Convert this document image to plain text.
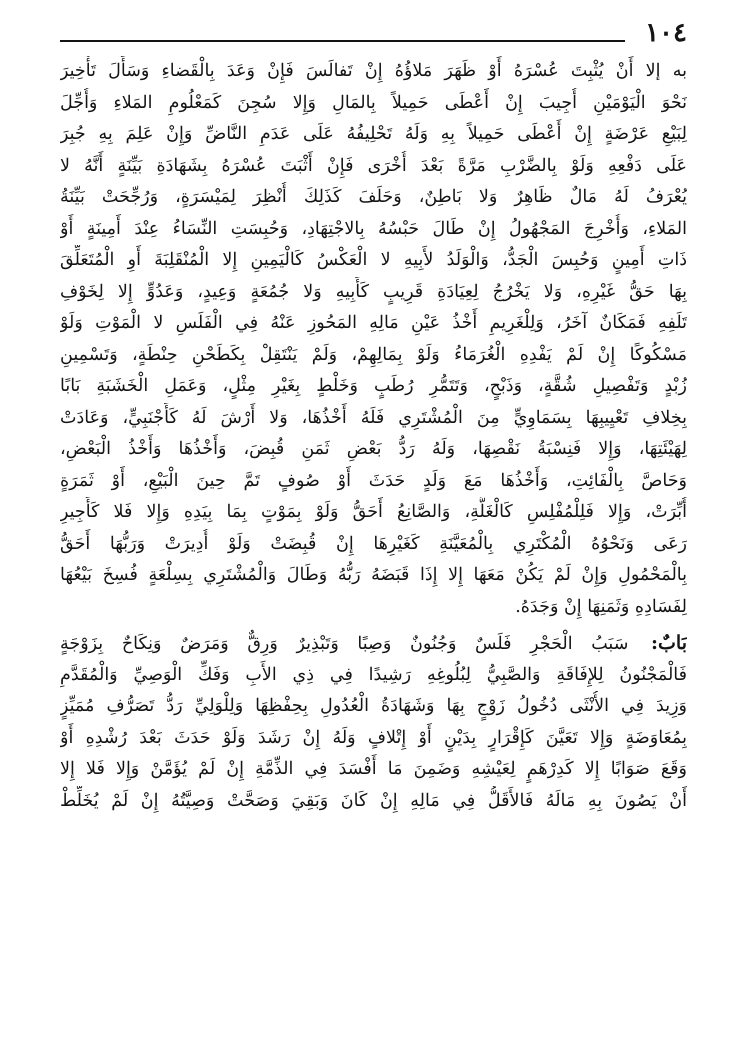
١٠٤
به إلا أَنْ يُثْبِتَ عُسْرَهُ أَوْ ظَهَرَ مَلاؤُهُ إِنْ تَفالَسَ فَإِنْ وَعَدَ بِالْقَضاءِ وَسَأَلَ تَأْخِيرَ
نَحْوَ الْيَوْمَيْنِ أُجِيبَ إِنْ أَعْطَى حَمِيلاً بِالمَالِ وَإِلا سُجِنَ كَمَعْلُومِ المَلاءِ وَأُجِّلَ
لِبَيْعِ عَرْضَةٍ إِنْ أَعْطَى حَمِيلاً بِهِ وَلَهُ تَحْلِيفُهُ عَلَى عَدَمِ النَّاضِّ وَإِنْ عَلِمَ بِهِ جُبِرَ
عَلَى دَفْعِهِ وَلَوْ بِالضَّرْبِ مَرَّةً بَعْدَ أُخْرَى فَإِنْ أَثْبَتَ عُسْرَهُ بِشَهَادَةِ بَيِّنَةٍ أَنَّهُ لا
يُعْرَفُ لَهُ مَالٌ ظَاهِرٌ وَلا بَاطِنٌ، وَحَلَفَ كَذَلِكَ أُنْظِرَ لِمَيْسَرَةٍ، وَرُجِّحَتْ بَيِّنَةُ
المَلاءِ، وَأُخْرِجَ المَجْهُولُ إِنْ طَالَ حَبْسُهُ بِالاجْتِهَادِ، وَحُبِسَتِ النِّسَاءُ عِنْدَ أَمِينَةٍ أَوْ
ذَاتِ أَمِينٍ وَحُبِسَ الْجَدُّ، وَالْوَلَدُ لأَبِيهِ لا الْعَكْسُ كَالْيَمِينِ إِلا الْمُنْقَلِبَةَ أَوِ الْمُتَعَلِّقَ
بِهَا حَقُّ غَيْرِهِ، وَلا يَخْرُجُ لِعِيَادَةِ قَرِيبٍ كَأَبِيهِ وَلا جُمُعَةٍ وَعِيدٍ، وَعَدُوٍّ إِلا لِخَوْفِ
تَلَفِهِ فَمَكَانٌ آخَرُ، وَلِلْغَرِيمِ أَخْذُ عَيْنِ مَالِهِ المَحُوزِ عَنْهُ فِي الْفَلَسِ لا الْمَوْتِ وَلَوْ
مَسْكُوكًا إِنْ لَمْ يَفْدِهِ الْغُرَمَاءُ وَلَوْ بِمَالِهِمْ، وَلَمْ يَنْتَقِلْ بِكَطَحْنِ حِنْطَةٍ، وَتَسْمِينِ
زُبْدٍ وَتَفْصِيلِ شُقَّةٍ، وَذَبْحٍ، وَتَتَمُّرِ رُطَبٍ وَخَلْطٍ بِغَيْرِ مِثْلٍ، وَعَمَلِ الْخَشَبَةِ بَابًا
بِخِلافِ تَعْيِيبِهَا بِسَمَاوِيٍّ مِنَ الْمُشْتَرِي فَلَهُ أَخْذُهَا، وَلا أَرْشَ لَهُ كَأَجْنَبِيٍّ، وَعَادَتْ
لِهَيْئَتِهَا، وَإِلا فَنِسْبَةُ نَقْصِهَا، وَلَهُ رَدُّ بَعْضِ ثَمَنِ قُبِضَ، وَأَخْذُهَا وَأَخْذُ الْبَعْضِ،
وَحَاصَّ بِالْفَائِتِ، وَأَخْذُهَا مَعَ وَلَدٍ حَدَثَ أَوْ صُوفٍ تَمَّ حِينَ الْبَيْعِ، أَوْ ثَمَرَةٍ
أُبِّرَتْ، وَإِلا فَلِلْمُفْلِسِ كَالْغَلَّةِ، وَالصَّانِعُ أَحَقُّ وَلَوْ بِمَوْتٍ بِمَا بِيَدِهِ وَإِلا فَلا كَأَجِيرِ
رَعَى وَنَحْوُهُ الْمُكْتَرِي بِالْمُعَيَّنَةِ كَغَيْرِهَا إِنْ قُبِضَتْ وَلَوْ أُدِيرَتْ وَرَبُّهَا أَحَقُّ
بِالْمَحْمُولِ وَإِنْ لَمْ يَكُنْ مَعَهَا إِلا إِذَا قَبَضَهُ رَبُّهُ وَطَالَ وَالْمُشْتَرِي بِسِلْعَةٍ فُسِخَ بَيْعُهَا
لِفَسَادِهِ وَثَمَنِهَا إِنْ وَجَدَهُ.
بَابٌ: سَبَبُ الْحَجْرِ فَلَسٌ وَجُنُونٌ وَصِبًا وَتَبْذِيرٌ وَرِقٌّ وَمَرَضٌ وَنِكَاحٌ بِزَوْجَةٍ
فَالْمَجْنُونُ لِلإِفَاقَةِ وَالصَّبِيُّ لِبُلُوغِهِ رَشِيدًا فِي ذِي الأَبِ وَفَكِّ الْوَصِيِّ وَالْمُقَدَّمِ
وَزِيدَ فِي الأُنْثَى دُخُولُ زَوْجٍ بِهَا وَشَهَادَةُ الْعُدُولِ بِحِفْظِهَا وَلِلْوَلِيِّ رَدُّ تَصَرُّفِ مُمَيِّزٍ
بِمُعَاوَضَةٍ وَإِلا تَعَيَّنَ كَإِقْرَارٍ بِدَيْنٍ أَوْ إِتْلافٍ وَلَهُ إِنْ رَشَدَ وَلَوْ حَدَثَ بَعْدَ رُشْدِهِ أَوْ
وَقَعَ صَوَابًا إِلا كَدِرْهَمٍ لِعَيْشِهِ وَضَمِنَ مَا أَفْسَدَ فِي الذِّمَّةِ إِنْ لَمْ يُؤَمَّنْ وَإِلا فَلا إِلا
أَنْ يَصُونَ بِهِ مَالَهُ فَالأَقَلُّ فِي مَالِهِ إِنْ كَانَ وَبَقِيَ وَصَحَّتْ وَصِيَّتُهُ إِنْ لَمْ يُخَلِّطْ
